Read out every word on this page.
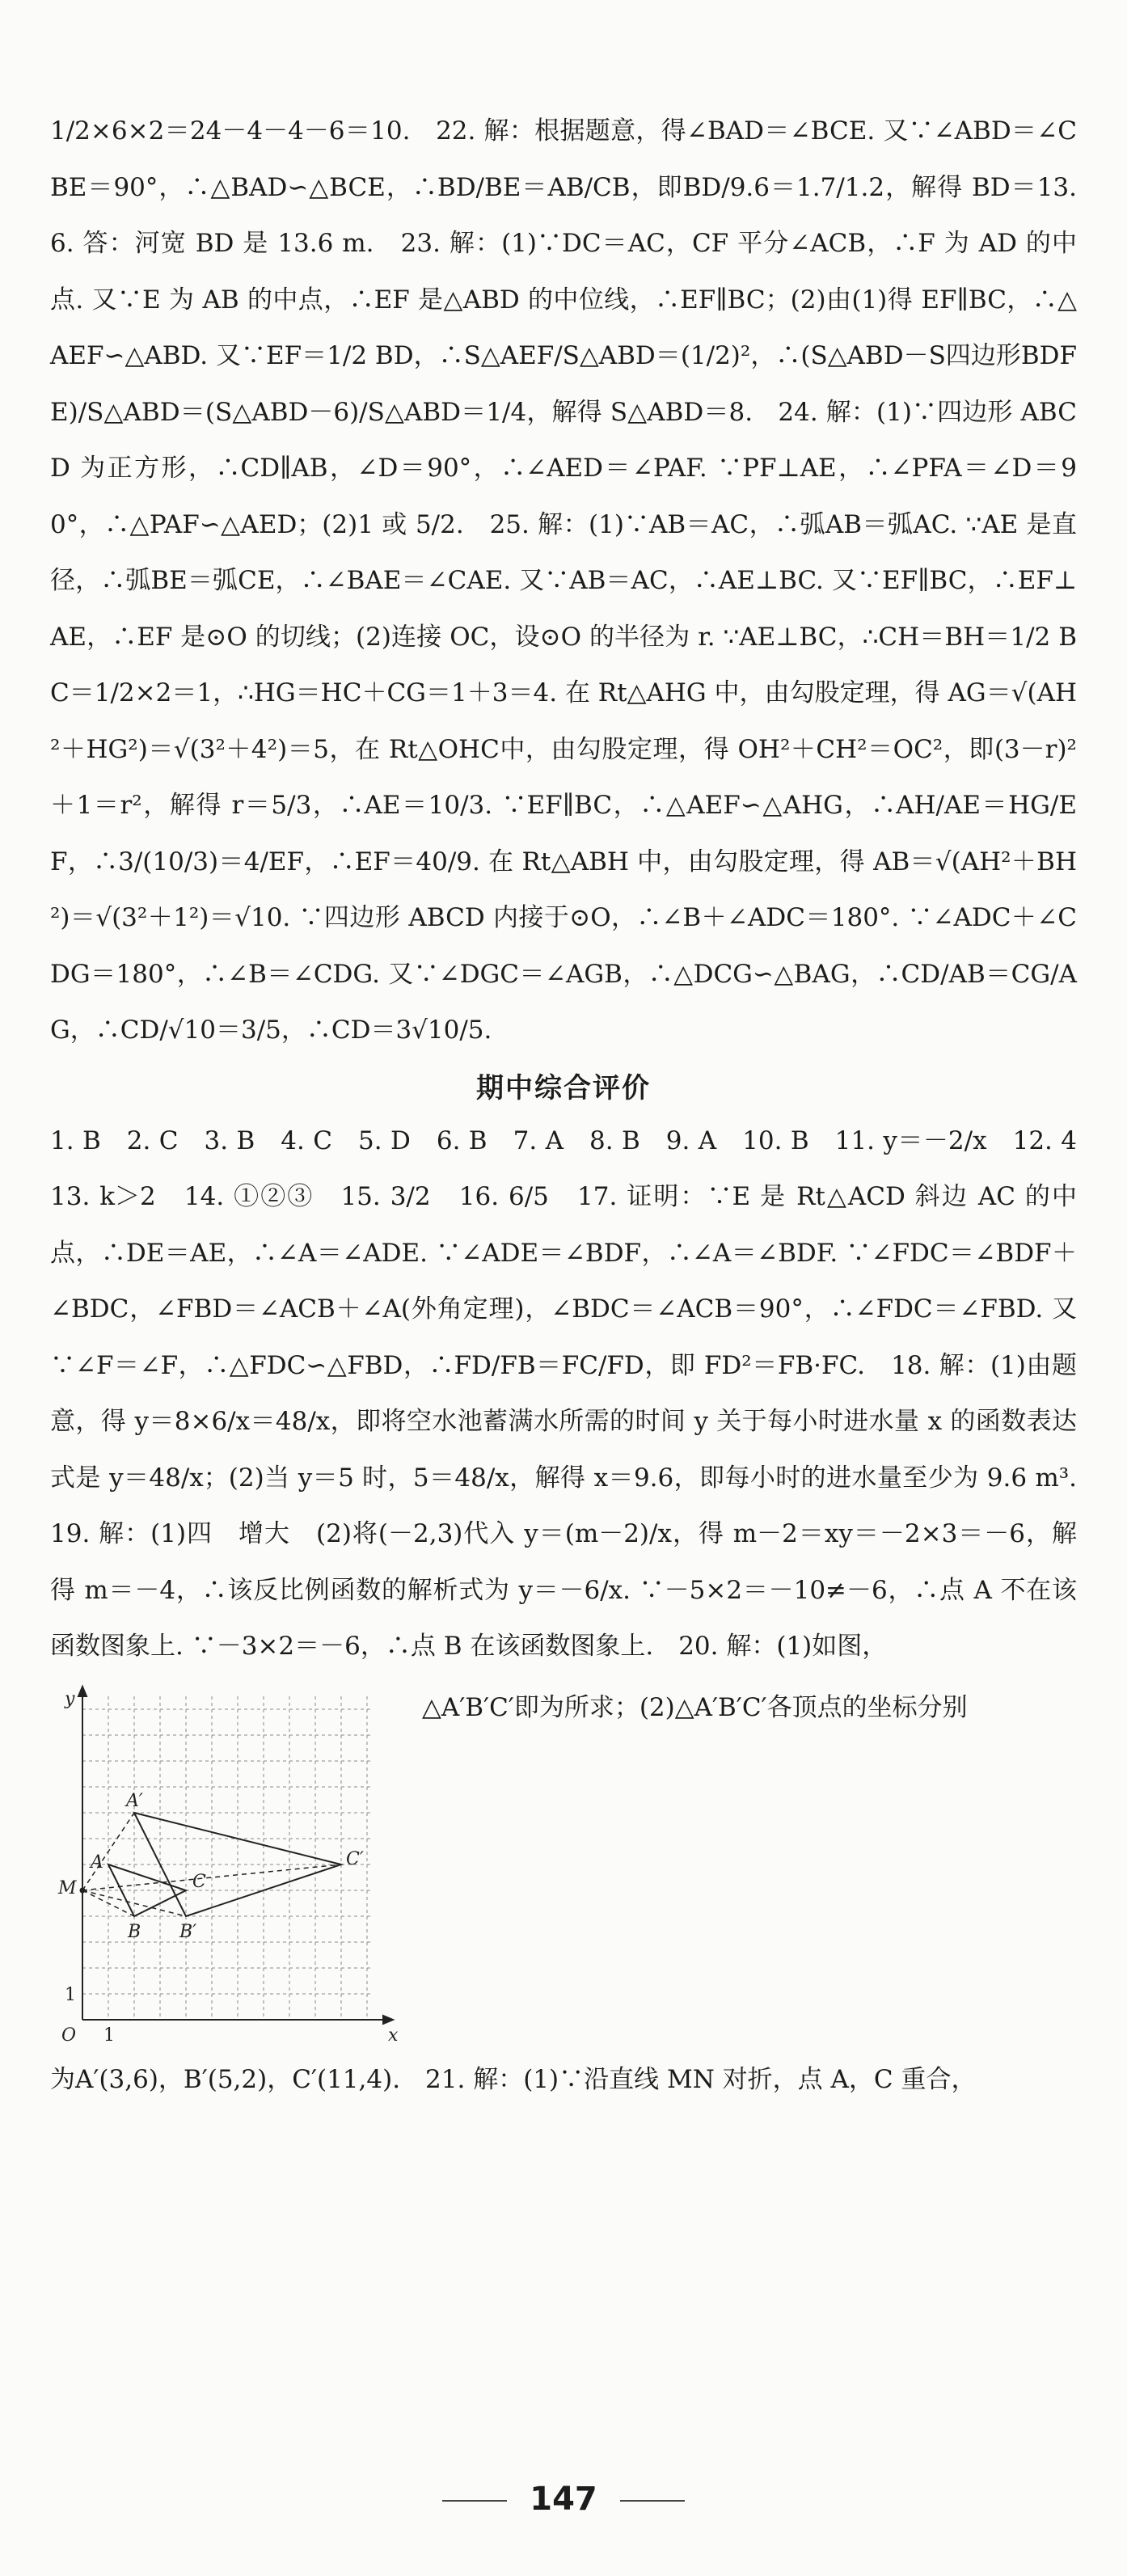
1/2×6×2＝24－4－4－6＝10.　22. 解：根据题意，得∠BAD＝∠BCE. 又∵∠ABD＝∠CBE＝90°，∴△BAD∽△BCE，∴BD/BE＝AB/CB，即BD/9.6＝1.7/1.2，解得 BD＝13.6. 答：河宽 BD 是 13.6 m.　23. 解：(1)∵DC＝AC，CF 平分∠ACB，∴F 为 AD 的中点. 又∵E 为 AB 的中点，∴EF 是△ABD 的中位线，∴EF∥BC；(2)由(1)得 EF∥BC，∴△AEF∽△ABD. 又∵EF＝1/2 BD，∴S△AEF/S△ABD＝(1/2)²，∴(S△ABD－S四边形BDFE)/S△ABD＝(S△ABD－6)/S△ABD＝1/4，解得 S△ABD＝8.　24. 解：(1)∵四边形 ABCD 为正方形，∴CD∥AB，∠D＝90°，∴∠AED＝∠PAF. ∵PF⊥AE，∴∠PFA＝∠D＝90°，∴△PAF∽△AED；(2)1 或 5/2.　25. 解：(1)∵AB＝AC，∴弧AB＝弧AC. ∵AE 是直径，∴弧BE＝弧CE，∴∠BAE＝∠CAE. 又∵AB＝AC，∴AE⊥BC. 又∵EF∥BC，∴EF⊥AE，∴EF 是⊙O 的切线；(2)连接 OC，设⊙O 的半径为 r. ∵AE⊥BC，∴CH＝BH＝1/2 BC＝1/2×2＝1，∴HG＝HC＋CG＝1＋3＝4. 在 Rt△AHG 中，由勾股定理，得 AG＝√(AH²＋HG²)＝√(3²＋4²)＝5，在 Rt△OHC中，由勾股定理，得 OH²＋CH²＝OC²，即(3－r)²＋1＝r²，解得 r＝5/3，∴AE＝10/3. ∵EF∥BC，∴△AEF∽△AHG，∴AH/AE＝HG/EF，∴3/(10/3)＝4/EF，∴EF＝40/9. 在 Rt△ABH 中，由勾股定理，得 AB＝√(AH²＋BH²)＝√(3²＋1²)＝√10. ∵四边形 ABCD 内接于⊙O，∴∠B＋∠ADC＝180°. ∵∠ADC＋∠CDG＝180°，∴∠B＝∠CDG. 又∵∠DGC＝∠AGB，∴△DCG∽△BAG，∴CD/AB＝CG/AG，∴CD/√10＝3/5，∴CD＝3√10/5.

期中综合评价

1. B　2. C　3. B　4. C　5. D　6. B　7. A　8. B　9. A　10. B　11. y＝－2/x　12. 4　13. k＞2　14. ①②③　15. 3/2　16. 6/5　17. 证明：∵E 是 Rt△ACD 斜边 AC 的中点，∴DE＝AE，∴∠A＝∠ADE. ∵∠ADE＝∠BDF，∴∠A＝∠BDF. ∵∠FDC＝∠BDF＋∠BDC，∠FBD＝∠ACB＋∠A(外角定理)，∠BDC＝∠ACB＝90°，∴∠FDC＝∠FBD. 又∵∠F＝∠F，∴△FDC∽△FBD，∴FD/FB＝FC/FD，即 FD²＝FB·FC.　18. 解：(1)由题意，得 y＝8×6/x＝48/x，即将空水池蓄满水所需的时间 y 关于每小时进水量 x 的函数表达式是 y＝48/x；(2)当 y＝5 时，5＝48/x，解得 x＝9.6，即每小时的进水量至少为 9.6 m³.　19. 解：(1)四　增大　(2)将(－2,3)代入 y＝(m－2)/x，得 m－2＝xy＝－2×3＝－6，解得 m＝－4，∴该反比例函数的解析式为 y＝－6/x. ∵－5×2＝－10≠－6，∴点 A 不在该函数图象上. ∵－3×2＝－6，∴点 B 在该函数图象上.　20. 解：(1)如图，

y
x
O
1
1
A′
A
M
B B′
C
C′

△A′B′C′即为所求；(2)△A′B′C′各顶点的坐标分别

为A′(3,6)，B′(5,2)，C′(11,4).　21. 解：(1)∵沿直线 MN 对折，点 A，C 重合，

147
